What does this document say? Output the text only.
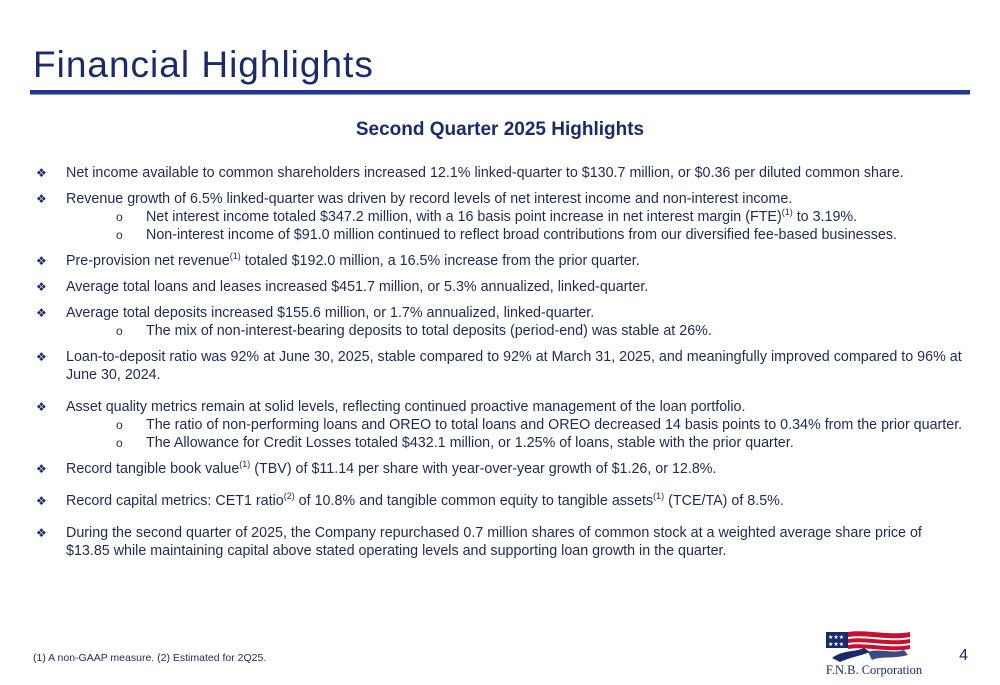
Financial Highlights
Second Quarter 2025 Highlights
❖ Net income available to common shareholders increased 12.1% linked-quarter to $130.7 million, or $0.36 per diluted common share.
❖ Revenue growth of 6.5% linked-quarter was driven by record levels of net interest income and non-interest income.
o Net interest income totaled $347.2 million, with a 16 basis point increase in net interest margin (FTE)$^{(1)}$ to 3.19%.
o Non-interest income of $91.0 million continued to reflect broad contributions from our diversified fee-based businesses.
❖ Pre-provision net revenue$^{(1)}$ totaled $192.0 million, a 16.5% increase from the prior quarter.
❖ Average total loans and leases increased $451.7 million, or 5.3% annualized, linked-quarter.
❖ Average total deposits increased $155.6 million, or 1.7% annualized, linked-quarter.
o The mix of non-interest-bearing deposits to total deposits (period-end) was stable at 26%.
❖ Loan-to-deposit ratio was 92% at June 30, 2025, stable compared to 92% at March 31, 2025, and meaningfully improved compared to 96% at June 30, 2024.
❖ Asset quality metrics remain at solid levels, reflecting continued proactive management of the loan portfolio.
o The ratio of non-performing loans and OREO to total loans and OREO decreased 14 basis points to 0.34% from the prior quarter.
o The Allowance for Credit Losses totaled $432.1 million, or 1.25% of loans, stable with the prior quarter.
❖ Record tangible book value$^{(1)}$ (TBV) of $11.14 per share with year-over-year growth of $1.26, or 12.8%.
❖ Record capital metrics: CET1 ratio$^{(2)}$ of 10.8% and tangible common equity to tangible assets$^{(1)}$ (TCE/TA) of 8.5%.
❖ During the second quarter of 2025, the Company repurchased 0.7 million shares of common stock at a weighted average share price of $13.85 while maintaining capital above stated operating levels and supporting loan growth in the quarter.
(1) A non-GAAP measure. (2) Estimated for 2Q25.
★★★
★★★
F.N.B. Corporation
4
